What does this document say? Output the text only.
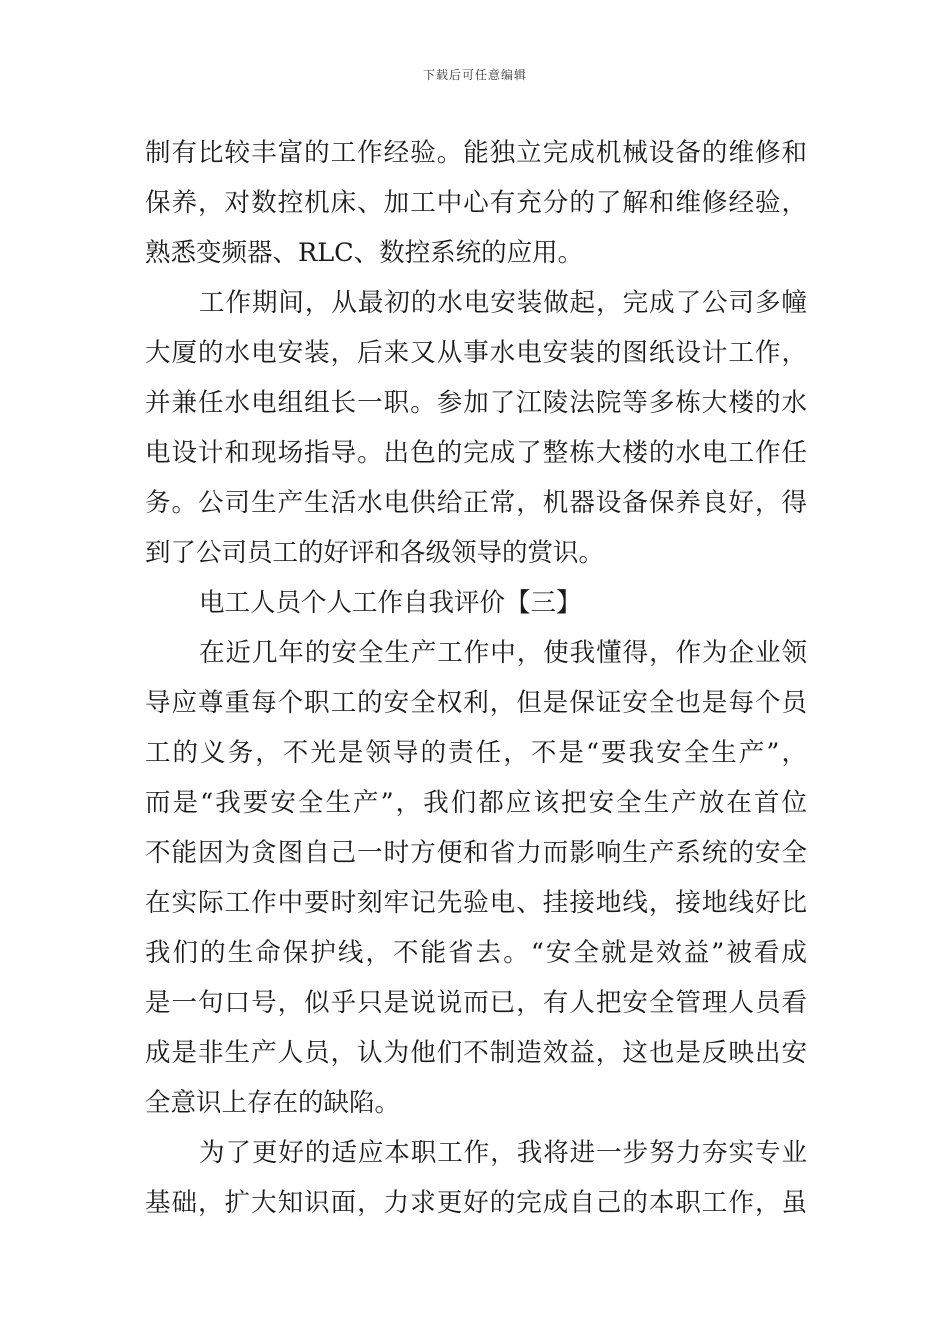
下载后可任意编辑
制有比较丰富的工作经验。能独立完成机械设备的维修和
保养，对数控机床、加工中心有充分的了解和维修经验，
熟悉变频器、RLC、数控系统的应用。
工作期间，从最初的水电安装做起，完成了公司多幢
大厦的水电安装，后来又从事水电安装的图纸设计工作，
并兼任水电组组长一职。参加了江陵法院等多栋大楼的水
电设计和现场指导。出色的完成了整栋大楼的水电工作任
务。公司生产生活水电供给正常，机器设备保养良好，得
到了公司员工的好评和各级领导的赏识。
电工人员个人工作自我评价【三】
在近几年的安全生产工作中，使我懂得，作为企业领
导应尊重每个职工的安全权利，但是保证安全也是每个员
工的义务，不光是领导的责任，不是“要我安全生产”，
而是“我要安全生产”，我们都应该把安全生产放在首位
不能因为贪图自己一时方便和省力而影响生产系统的安全
在实际工作中要时刻牢记先验电、挂接地线，接地线好比
我们的生命保护线，不能省去。“安全就是效益”被看成
是一句口号，似乎只是说说而已，有人把安全管理人员看
成是非生产人员，认为他们不制造效益，这也是反映出安
全意识上存在的缺陷。
为了更好的适应本职工作，我将进一步努力夯实专业
基础，扩大知识面，力求更好的完成自己的本职工作，虽
